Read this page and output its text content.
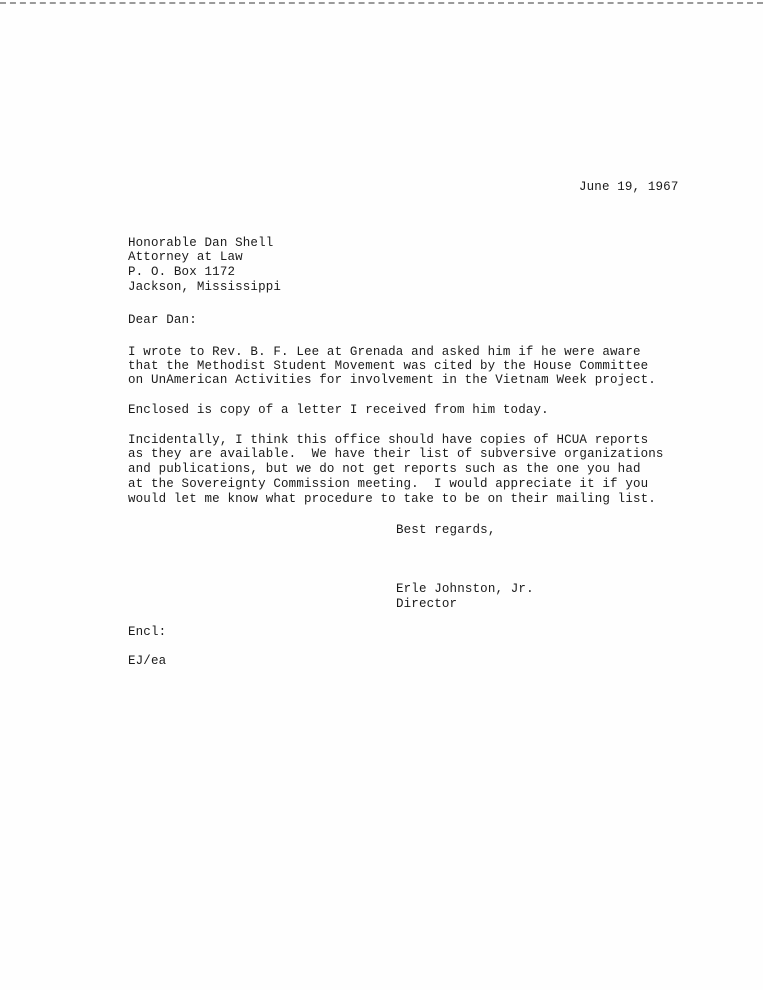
June 19, 1967
Honorable Dan Shell
Attorney at Law
P. O. Box 1172
Jackson, Mississippi
Dear Dan:
I wrote to Rev. B. F. Lee at Grenada and asked him if he were aware
that the Methodist Student Movement was cited by the House Committee
on UnAmerican Activities for involvement in the Vietnam Week project.
Enclosed is copy of a letter I received from him today.
Incidentally, I think this office should have copies of HCUA reports
as they are available.  We have their list of subversive organizations
and publications, but we do not get reports such as the one you had
at the Sovereignty Commission meeting.  I would appreciate it if you
would let me know what procedure to take to be on their mailing list.
Best regards,
Erle Johnston, Jr.
Director
Encl:
EJ/ea
